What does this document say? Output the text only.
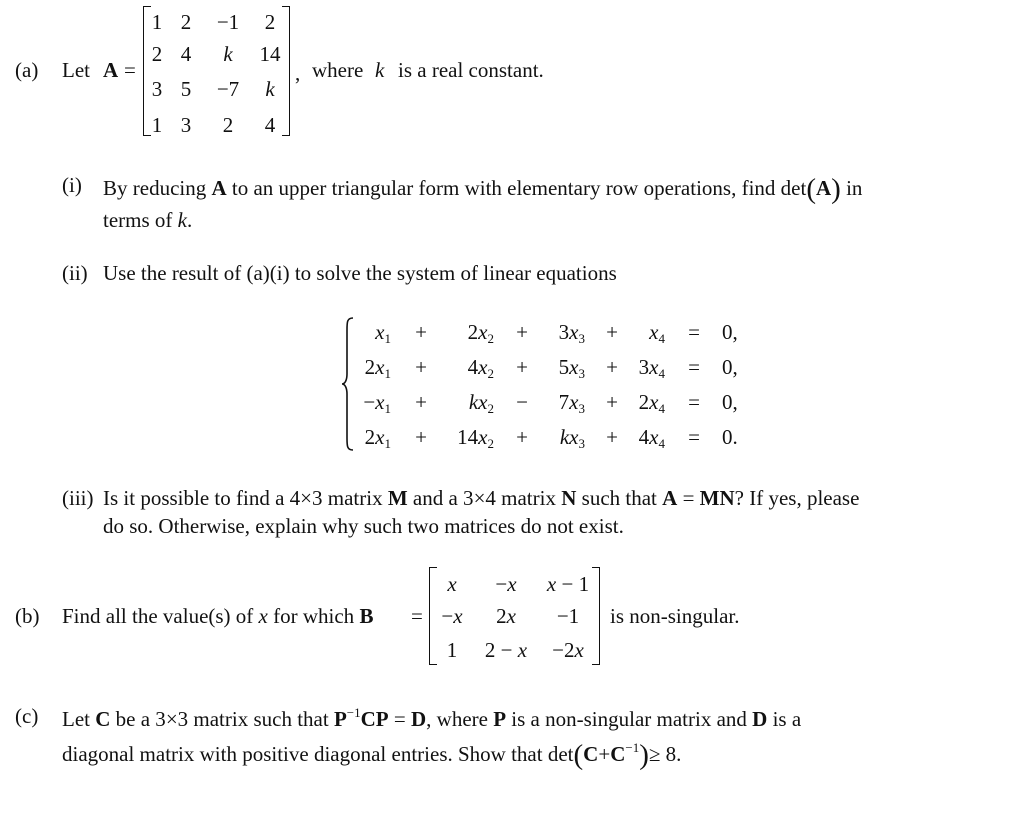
(a) Let A =
1 2	−1	2
2 4	k	14
3 5	−7	k
1 3	2	4
, where k is a real constant.
(i) By reducing A to an upper triangular form with elementary row operations, find det(A) in
terms of k.
(ii) Use the result of (a)(i) to solve the system of linear equations
$x_1$	+	$2x_2$	+	$3x_3$	+	$x_4$	=	0,
$2x_1$	+	$4x_2$	+	$5x_3$	+ $3x_4$	=	0,
$-x_1$	+	$kx_2$	−	$7x_3$	+ $2x_4$	=	0,
$2x_1$	+	$14x_2$	+	$kx_3$	+ $4x_4$	=	0.
(iii) Is it possible to find a 4×3 matrix M and a 3×4 matrix N such that A = MN? If yes, please
do so. Otherwise, explain why such two matrices do not exist.
(b) Find all the value(s) of x for which B =
x	−x	x − 1
−x	2x	−1
1	2 − x	−2x
is non-singular.
(c) Let C be a 3×3 matrix such that $P^{-1}CP = D$, where P is a non-singular matrix and D is a
diagonal matrix with positive diagonal entries. Show that $\det(C+C^{-1})\ge 8$.
